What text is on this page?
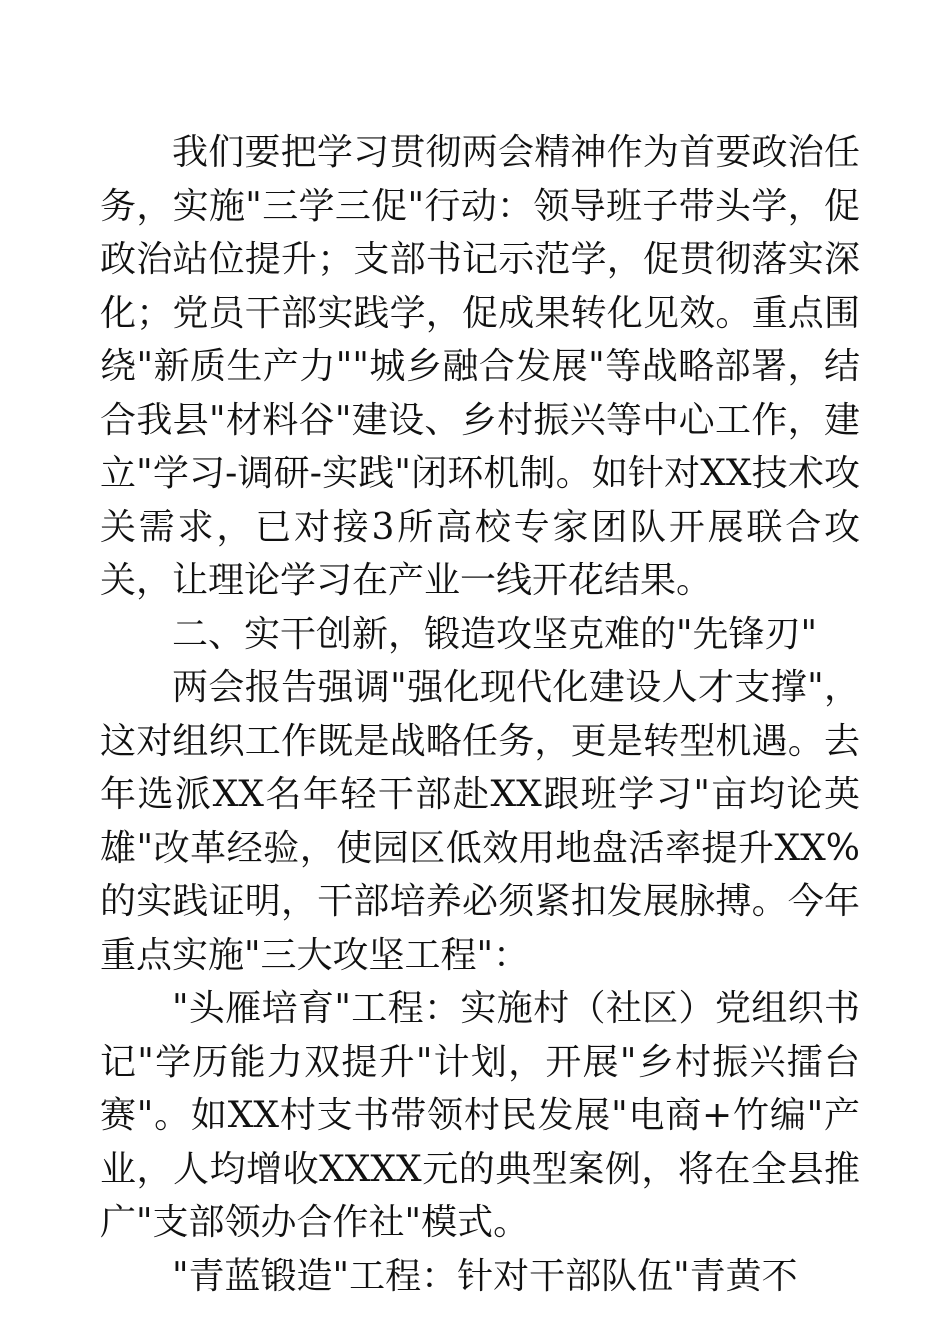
我们要把学习贯彻两会精神作为首要政治任务，实施"三学三促"行动：领导班子带头学，促政治站位提升；支部书记示范学，促贯彻落实深化；党员干部实践学，促成果转化见效。重点围绕"新质生产力""城乡融合发展"等战略部署，结合我县"材料谷"建设、乡村振兴等中心工作，建立"学习-调研-实践"闭环机制。如针对XX技术攻关需求，已对接3所高校专家团队开展联合攻关，让理论学习在产业一线开花结果。

二、实干创新，锻造攻坚克难的"先锋刃"

两会报告强调"强化现代化建设人才支撑"，这对组织工作既是战略任务，更是转型机遇。去年选派XX名年轻干部赴XX跟班学习"亩均论英雄"改革经验，使园区低效用地盘活率提升XX%的实践证明，干部培养必须紧扣发展脉搏。今年重点实施"三大攻坚工程"：

"头雁培育"工程：实施村（社区）党组织书记"学历能力双提升"计划，开展"乡村振兴擂台赛"。如XX村支书带领村民发展"电商+竹编"产业，人均增收XXXX元的典型案例，将在全县推广"支部领办合作社"模式。

"青蓝锻造"工程：针对干部队伍"青黄不
